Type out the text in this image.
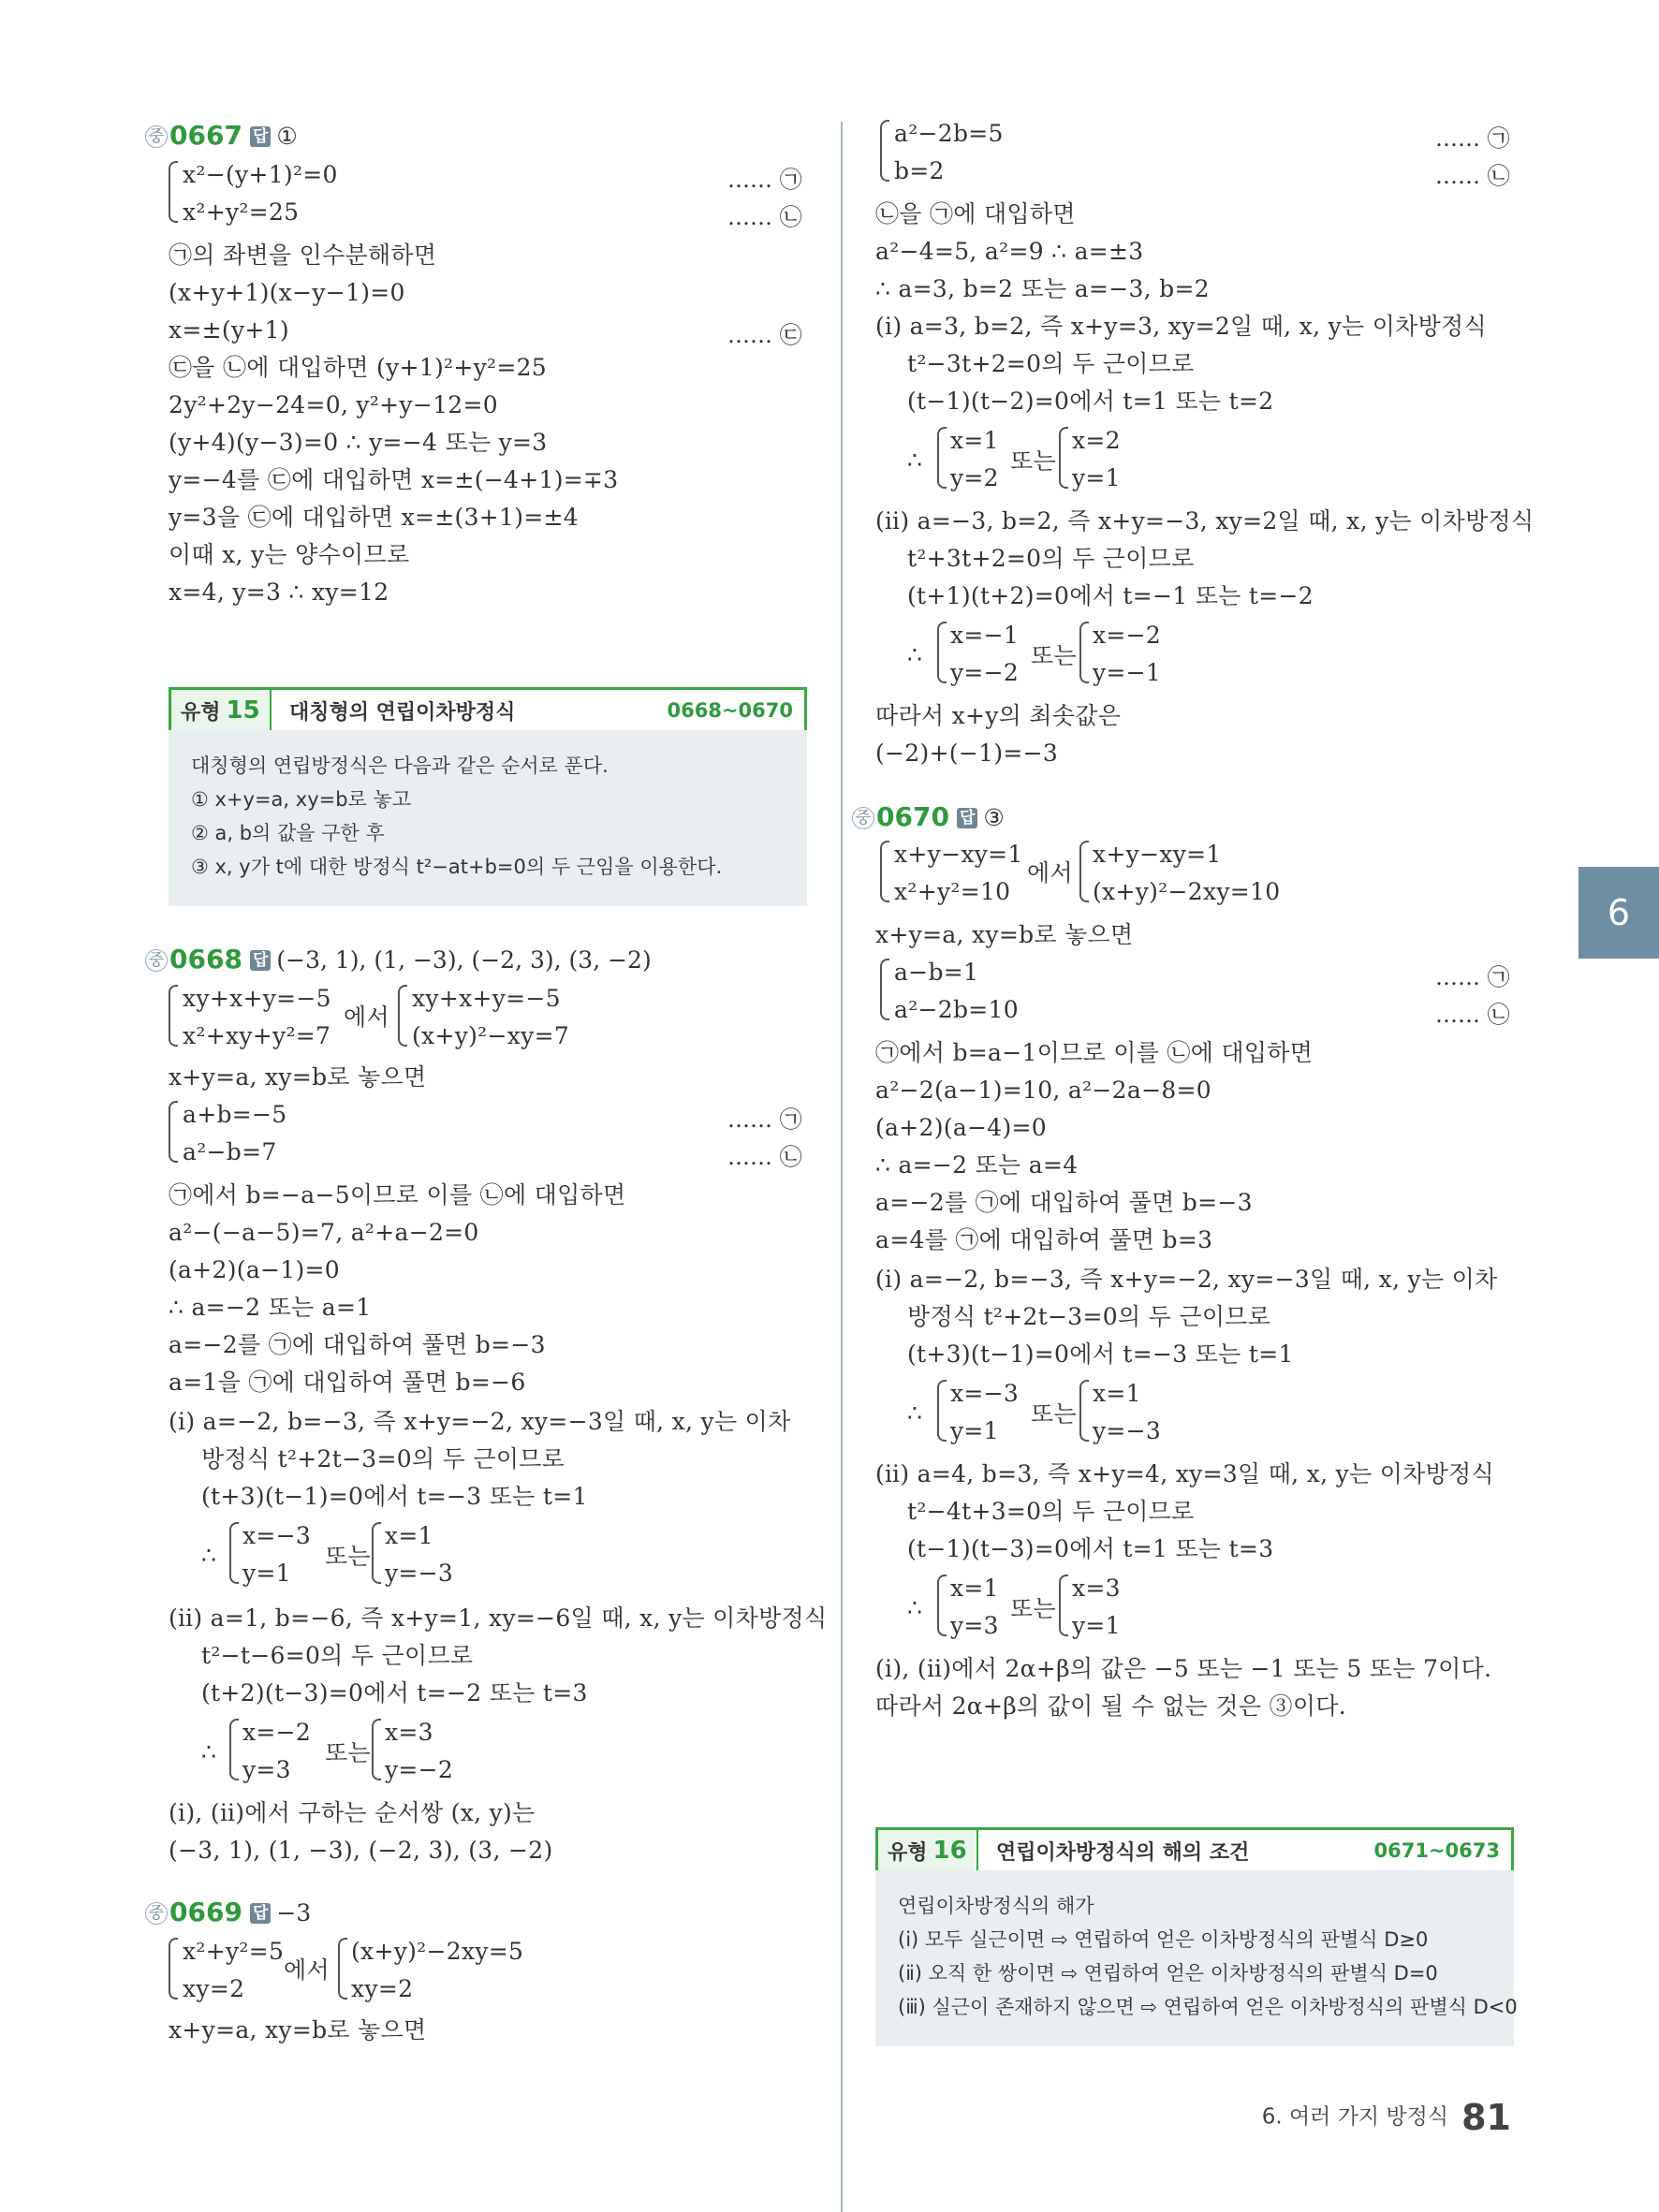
중 0667 답 ①
x²−(y+1)²=0	…… ㉠
x²+y²=25	…… ㉡
㉠의 좌변을 인수분해하면
(x+y+1)(x−y−1)=0
x=±(y+1)	…… ㉢
㉢을 ㉡에 대입하면 (y+1)²+y²=25
2y²+2y−24=0, y²+y−12=0
(y+4)(y−3)=0 ∴ y=−4 또는 y=3
y=−4를 ㉢에 대입하면 x=±(−4+1)=∓3
y=3을 ㉢에 대입하면 x=±(3+1)=±4
이때 x, y는 양수이므로
x=4, y=3 ∴ xy=12
유형 15 대칭형의 연립이차방정식	0668~0670
대칭형의 연립방정식은 다음과 같은 순서로 푼다.
① x+y=a, xy=b로 놓고
② a, b의 값을 구한 후
③ x, y가 t에 대한 방정식 t²−at+b=0의 두 근임을 이용한다.
중 0668 답 (−3, 1), (1, −3), (−2, 3), (3, −2)
xy+x+y=−5
x²+xy+y²=7
에서
xy+x+y=−5
(x+y)²−xy=7
x+y=a, xy=b로 놓으면
a+b=−5	…… ㉠
a²−b=7	…… ㉡
㉠에서 b=−a−5이므로 이를 ㉡에 대입하면
a²−(−a−5)=7, a²+a−2=0
(a+2)(a−1)=0
∴ a=−2 또는 a=1
a=−2를 ㉠에 대입하여 풀면 b=−3
a=1을 ㉠에 대입하여 풀면 b=−6
(ⅰ) a=−2, b=−3, 즉 x+y=−2, xy=−3일 때, x, y는 이차
방정식 t²+2t−3=0의 두 근이므로
(t+3)(t−1)=0에서 t=−3 또는 t=1
∴
x=−3
y=1
또는
x=1
y=−3
(ⅱ) a=1, b=−6, 즉 x+y=1, xy=−6일 때, x, y는 이차방정식
t²−t−6=0의 두 근이므로
(t+2)(t−3)=0에서 t=−2 또는 t=3
∴
x=−2
y=3
또는
x=3
y=−2
(ⅰ), (ⅱ)에서 구하는 순서쌍 (x, y)는
(−3, 1), (1, −3), (−2, 3), (3, −2)
중 0669 답 −3
x²+y²=5
xy=2
에서
(x+y)²−2xy=5
xy=2
x+y=a, xy=b로 놓으면
a²−2b=5	…… ㉠
b=2	…… ㉡
㉡을 ㉠에 대입하면
a²−4=5, a²=9 ∴ a=±3
∴ a=3, b=2 또는 a=−3, b=2
(ⅰ) a=3, b=2, 즉 x+y=3, xy=2일 때, x, y는 이차방정식
t²−3t+2=0의 두 근이므로
(t−1)(t−2)=0에서 t=1 또는 t=2
∴
x=1
y=2
또는
x=2
y=1
(ⅱ) a=−3, b=2, 즉 x+y=−3, xy=2일 때, x, y는 이차방정식
t²+3t+2=0의 두 근이므로
(t+1)(t+2)=0에서 t=−1 또는 t=−2
∴
x=−1
y=−2
또는
x=−2
y=−1
따라서 x+y의 최솟값은
(−2)+(−1)=−3
중 0670 답 ③
x+y−xy=1
x²+y²=10
에서
x+y−xy=1
(x+y)²−2xy=10
x+y=a, xy=b로 놓으면
a−b=1	…… ㉠
a²−2b=10	…… ㉡
㉠에서 b=a−1이므로 이를 ㉡에 대입하면
a²−2(a−1)=10, a²−2a−8=0
(a+2)(a−4)=0
∴ a=−2 또는 a=4
a=−2를 ㉠에 대입하여 풀면 b=−3
a=4를 ㉠에 대입하여 풀면 b=3
(ⅰ) a=−2, b=−3, 즉 x+y=−2, xy=−3일 때, x, y는 이차
방정식 t²+2t−3=0의 두 근이므로
(t+3)(t−1)=0에서 t=−3 또는 t=1
∴
x=−3
y=1
또는
x=1
y=−3
(ⅱ) a=4, b=3, 즉 x+y=4, xy=3일 때, x, y는 이차방정식
t²−4t+3=0의 두 근이므로
(t−1)(t−3)=0에서 t=1 또는 t=3
∴
x=1
y=3
또는
x=3
y=1
(ⅰ), (ⅱ)에서 2α+β의 값은 −5 또는 −1 또는 5 또는 7이다.
따라서 2α+β의 값이 될 수 없는 것은 ③이다.
유형 16 연립이차방정식의 해의 조건	0671~0673
연립이차방정식의 해가
(ⅰ) 모두 실근이면 ⇨ 연립하여 얻은 이차방정식의 판별식 D≥0
(ⅱ) 오직 한 쌍이면 ⇨ 연립하여 얻은 이차방정식의 판별식 D=0
(ⅲ) 실근이 존재하지 않으면 ⇨ 연립하여 얻은 이차방정식의 판별식 D<0
6
6. 여러 가지 방정식 81
